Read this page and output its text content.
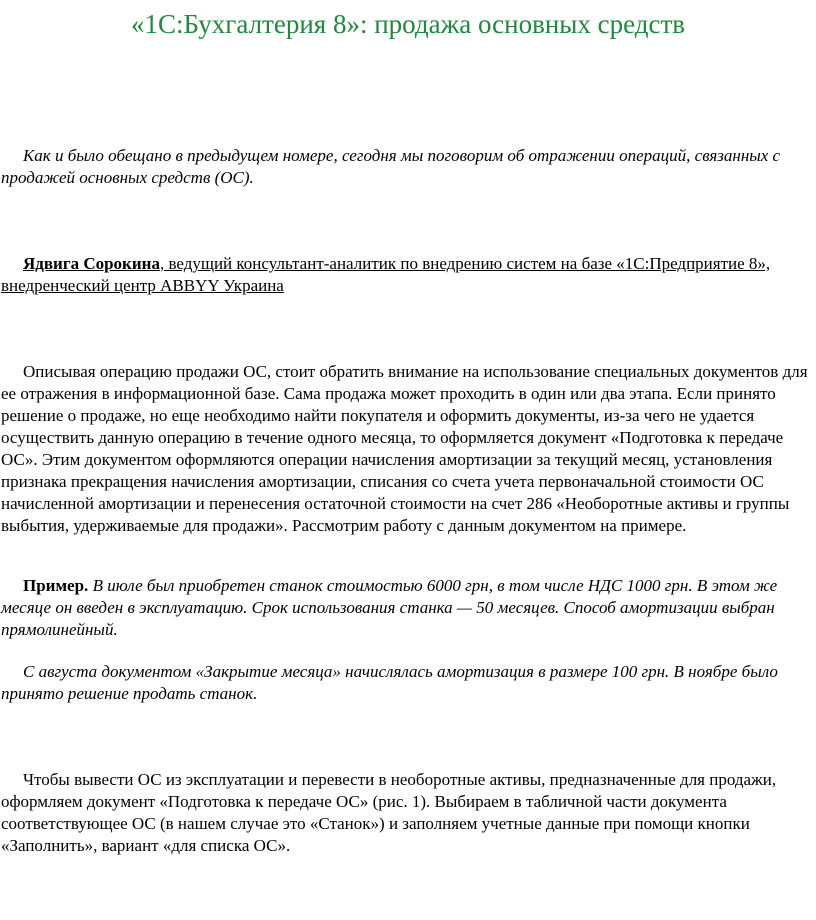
«1С:Бухгалтерия 8»: продажа основных средств

Как и было обещано в предыдущем номере, сегодня мы поговорим об отражении операций, связанных с продажей основных средств (ОС).

Ядвига Сорокина, ведущий консультант-аналитик по внедрению систем на базе «1С:Предприятие 8», внедренческий центр ABBYY Украина

Описывая операцию продажи ОС, стоит обратить внимание на использование специальных документов для ее отражения в информационной базе. Сама продажа может проходить в один или два этапа. Если принято решение о продаже, но еще необходимо найти покупателя и оформить документы, из-за чего не удается осуществить данную операцию в течение одного месяца, то оформляется документ «Подготовка к передаче ОС». Этим документом оформляются операции начисления амортизации за текущий месяц, установления признака прекращения начисления амортизации, списания со счета учета первоначальной стоимости ОС начисленной амортизации и перенесения остаточной стоимости на счет 286 «Необоротные активы и группы выбытия, удерживаемые для продажи». Рассмотрим работу с данным документом на примере.

Пример. В июле был приобретен станок стоимостью 6000 грн, в том числе НДС 1000 грн. В этом же месяце он введен в эксплуатацию. Срок использования станка — 50 месяцев. Способ амортизации выбран прямолинейный.

С августа документом «Закрытие месяца» начислялась амортизация в размере 100 грн. В ноябре было принято решение продать станок.

Чтобы вывести ОС из эксплуатации и перевести в необоротные активы, предназначенные для продажи, оформляем документ «Подготовка к передаче ОС» (рис. 1). Выбираем в табличной части документа соответствующее ОС (в нашем случае это «Станок») и заполняем учетные данные при помощи кнопки «Заполнить», вариант «для списка ОС».
